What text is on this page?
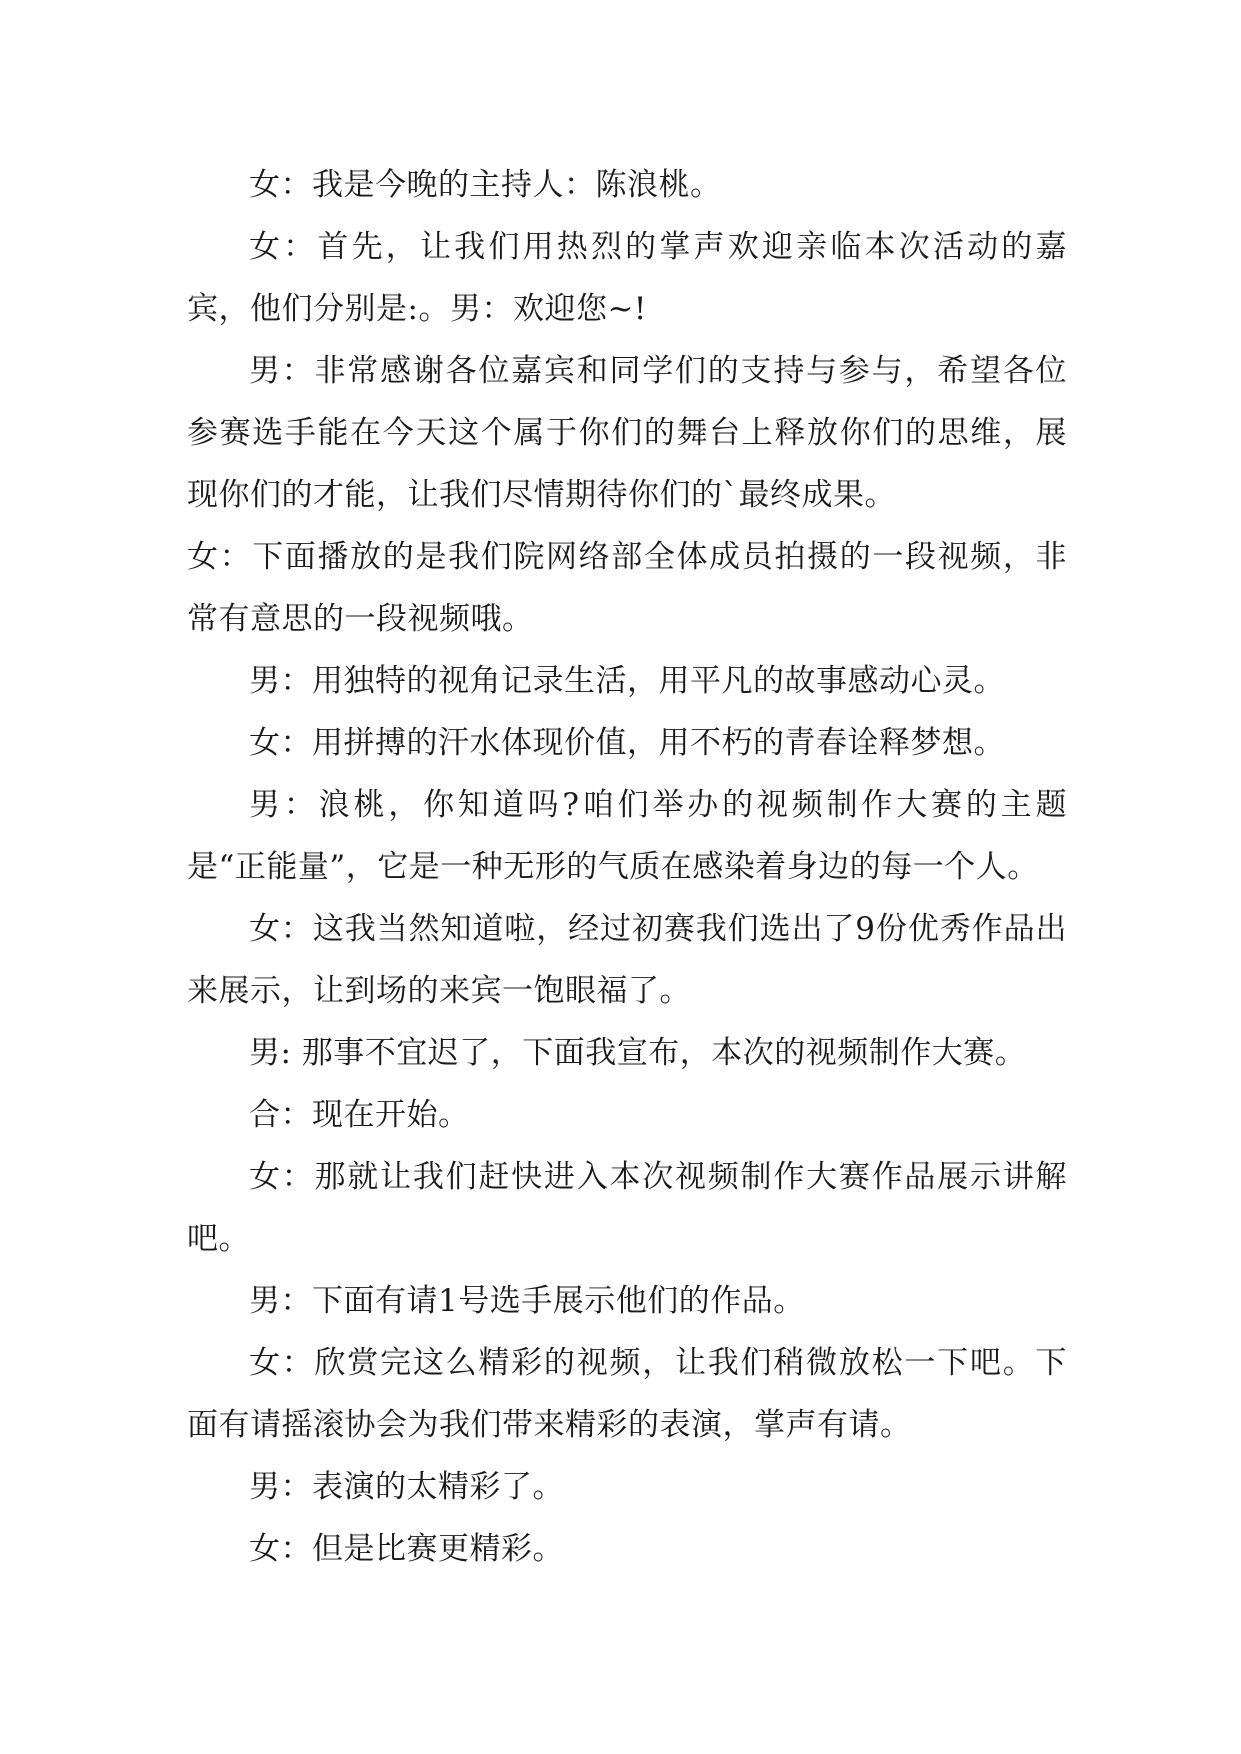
女：我是今晚的主持人：陈浪桃。

女：首先，让我们用热烈的掌声欢迎亲临本次活动的嘉宾，他们分别是:。男：欢迎您~!

男：非常感谢各位嘉宾和同学们的支持与参与，希望各位参赛选手能在今天这个属于你们的舞台上释放你们的思维，展现你们的才能，让我们尽情期待你们的`最终成果。

女：下面播放的是我们院网络部全体成员拍摄的一段视频，非常有意思的一段视频哦。

男：用独特的视角记录生活，用平凡的故事感动心灵。

女：用拼搏的汗水体现价值，用不朽的青春诠释梦想。

男：浪桃，你知道吗?咱们举办的视频制作大赛的主题是“正能量”，它是一种无形的气质在感染着身边的每一个人。

女：这我当然知道啦，经过初赛我们选出了9份优秀作品出来展示，让到场的来宾一饱眼福了。

男: 那事不宜迟了，下面我宣布，本次的视频制作大赛。

合：现在开始。

女：那就让我们赶快进入本次视频制作大赛作品展示讲解吧。

男：下面有请1号选手展示他们的作品。

女：欣赏完这么精彩的视频，让我们稍微放松一下吧。下面有请摇滚协会为我们带来精彩的表演，掌声有请。

男：表演的太精彩了。

女：但是比赛更精彩。
